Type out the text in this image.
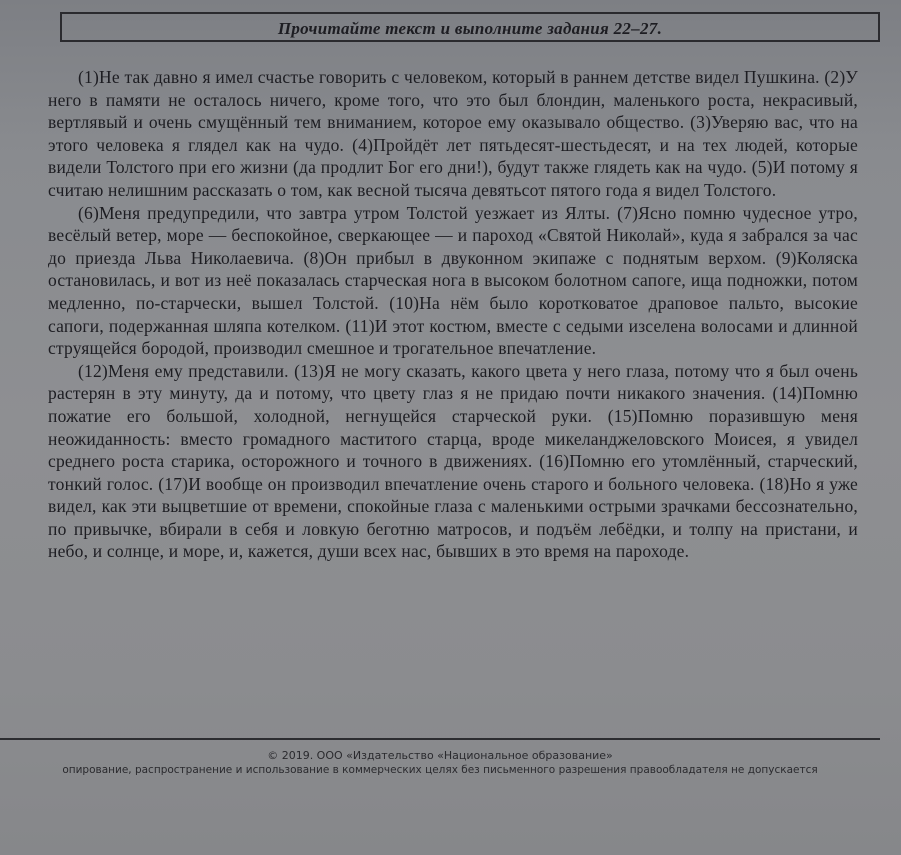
Прочитайте текст и выполните задания 22–27.

(1)Не так давно я имел счастье говорить с человеком, который в раннем детстве видел Пушкина. (2)У него в памяти не осталось ничего, кроме того, что это был блондин, маленького роста, некрасивый, вертлявый и очень смущённый тем вниманием, которое ему оказывало общество. (3)Уверяю вас, что на этого человека я глядел как на чудо. (4)Пройдёт лет пятьдесят-шестьдесят, и на тех людей, которые видели Толстого при его жизни (да продлит Бог его дни!), будут также глядеть как на чудо. (5)И потому я считаю нелишним рассказать о том, как весной тысяча девятьсот пятого года я видел Толстого.

(6)Меня предупредили, что завтра утром Толстой уезжает из Ялты. (7)Ясно помню чудесное утро, весёлый ветер, море — беспокойное, сверкающее — и пароход «Святой Николай», куда я забрался за час до приезда Льва Николаевича. (8)Он прибыл в двуконном экипаже с поднятым верхом. (9)Коляска остановилась, и вот из неё показалась старческая нога в высоком болотном сапоге, ища подножки, потом медленно, по-старчески, вышел Толстой. (10)На нём было коротковатое драповое пальто, высокие сапоги, подержанная шляпа котелком. (11)И этот костюм, вместе с седыми изселена волосами и длинной струящейся бородой, производил смешное и трогательное впечатление.

(12)Меня ему представили. (13)Я не могу сказать, какого цвета у него глаза, потому что я был очень растерян в эту минуту, да и потому, что цвету глаз я не придаю почти никакого значения. (14)Помню пожатие его большой, холодной, негнущейся старческой руки. (15)Помню поразившую меня неожиданность: вместо громадного маститого старца, вроде микеланджеловского Моисея, я увидел среднего роста старика, осторожного и точного в движениях. (16)Помню его утомлённый, старческий, тонкий голос. (17)И вообще он производил впечатление очень старого и больного человека. (18)Но я уже видел, как эти выцветшие от времени, спокойные глаза с маленькими острыми зрачками бессознательно, по привычке, вбирали в себя и ловкую беготню матросов, и подъём лебёдки, и толпу на пристани, и небо, и солнце, и море, и, кажется, души всех нас, бывших в это время на пароходе.

© 2019. ООО «Издательство «Национальное образование»
опирование, распространение и использование в коммерческих целях без письменного разрешения правообладателя не допускается
